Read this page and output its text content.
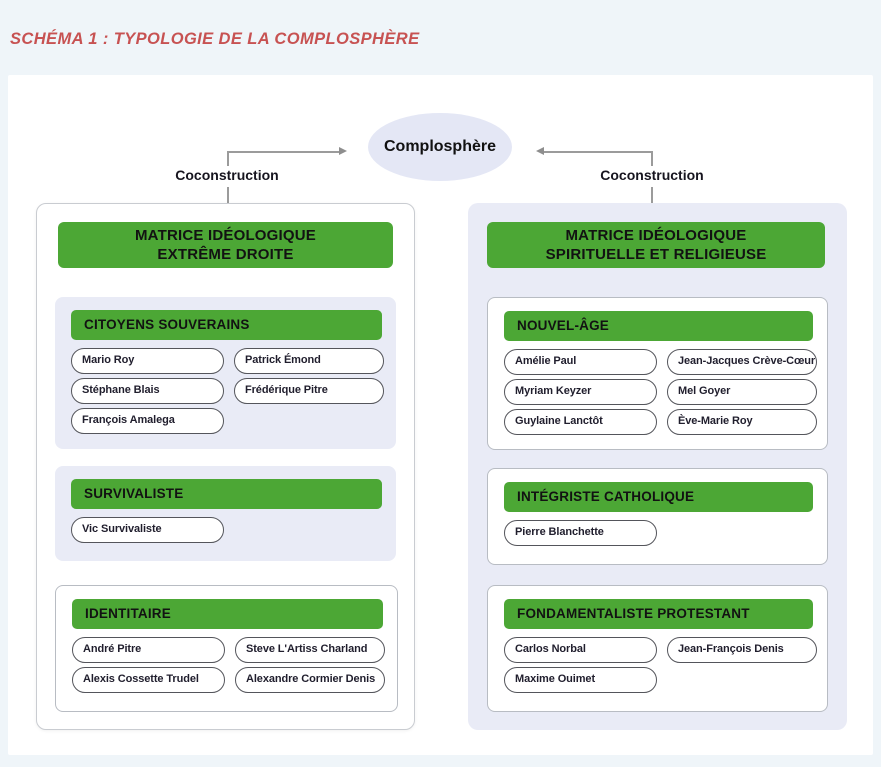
SCHÉMA 1 : TYPOLOGIE DE LA COMPLOSPHÈRE
Coconstruction	Coconstruction
Complosphère
MATRICE IDÉOLOGIQUE
EXTRÊME DROITE
CITOYENS SOUVERAINS
Mario Roy	Patrick Émond
Stéphane Blais	Frédérique Pitre
François Amalega
SURVIVALISTE
Vic Survivaliste
IDENTITAIRE
André Pitre	Steve L'Artiss Charland
Alexis Cossette Trudel	Alexandre Cormier Denis
MATRICE IDÉOLOGIQUE
SPIRITUELLE ET RELIGIEUSE
NOUVEL-ÂGE
Amélie Paul	Jean-Jacques Crève-Cœur
Myriam Keyzer	Mel Goyer
Guylaine Lanctôt	Ève-Marie Roy
INTÉGRISTE CATHOLIQUE
Pierre Blanchette
FONDAMENTALISTE PROTESTANT
Carlos Norbal	Jean-François Denis
Maxime Ouimet
